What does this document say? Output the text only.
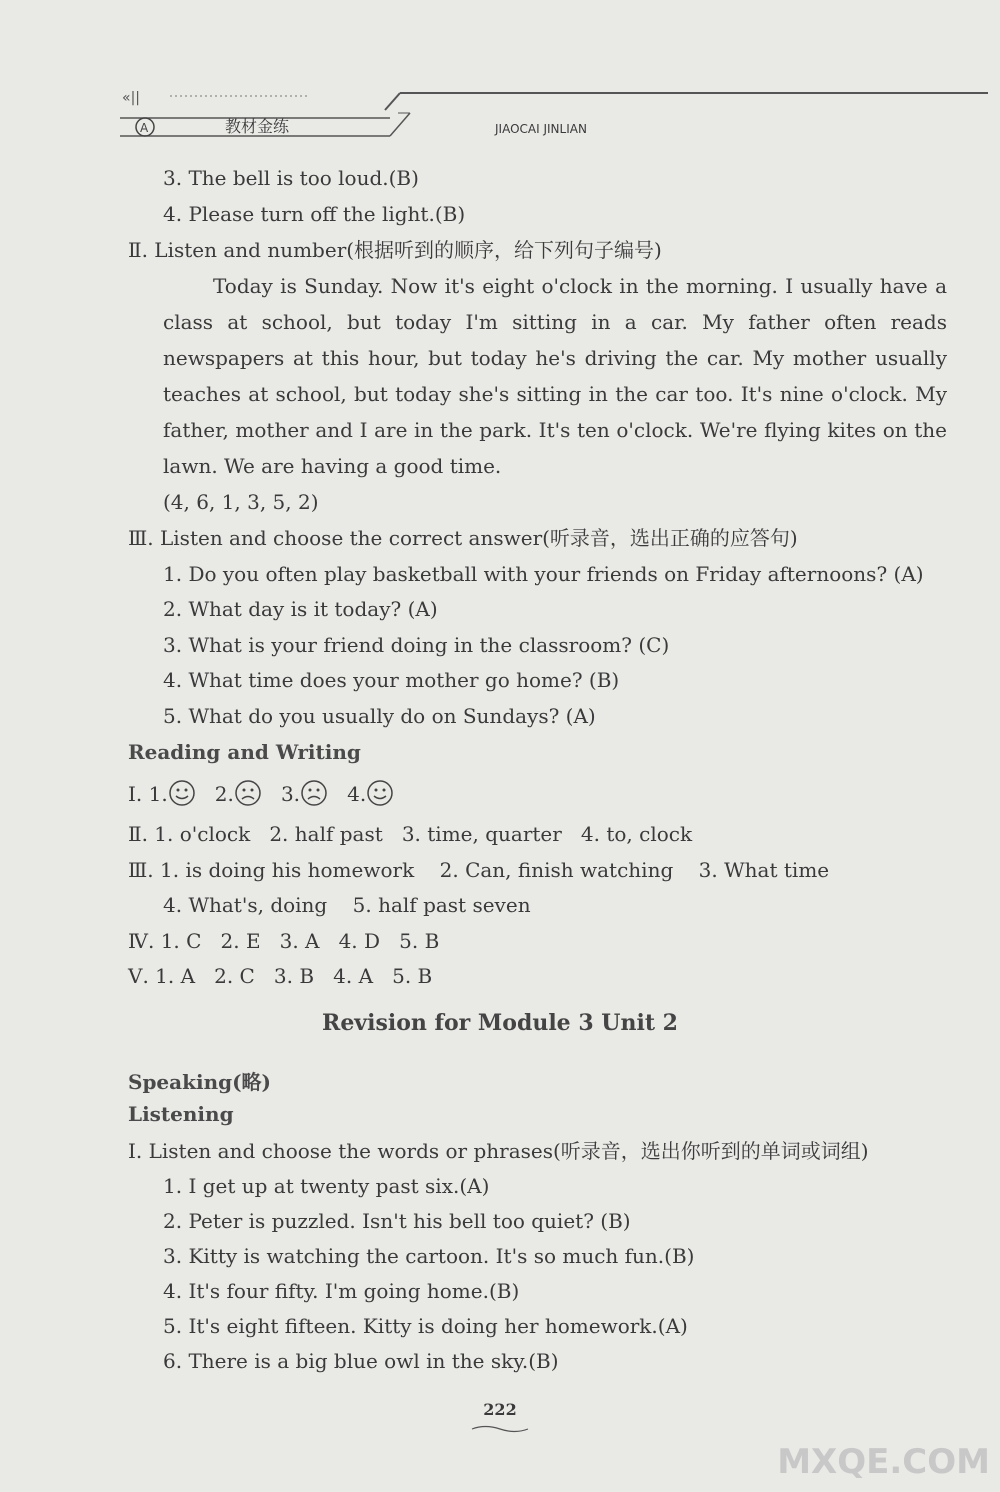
«||
A	教材金练	JIAOCAI JINLIAN
3. The bell is too loud.(B)
4. Please turn off the light.(B)
Ⅱ. Listen and number(根据听到的顺序，给下列句子编号)
Today is Sunday. Now it's eight o'clock in the morning. I usually have a class at school, but today I'm sitting in a car. My father often reads newspapers at this hour, but today he's driving the car. My mother usually teaches at school, but today she's sitting in the car too. It's nine o'clock. My father, mother and I are in the park. It's ten o'clock. We're flying kites on the lawn. We are having a good time.
(4, 6, 1, 3, 5, 2)
Ⅲ. Listen and choose the correct answer(听录音，选出正确的应答句)
1. Do you often play basketball with your friends on Friday afternoons? (A)
2. What day is it today? (A)
3. What is your friend doing in the classroom? (C)
4. What time does your mother go home? (B)
5. What do you usually do on Sundays? (A)
Reading and Writing
Ⅰ. 1. 2. 3. 4.
Ⅱ. 1. o'clock   2. half past   3. time, quarter   4. to, clock
Ⅲ. 1. is doing his homework    2. Can, finish watching    3. What time
4. What's, doing    5. half past seven
Ⅳ. 1. C   2. E   3. A   4. D   5. B
Ⅴ. 1. A   2. C   3. B   4. A   5. B
Revision for Module 3 Unit 2
Speaking(略)
Listening
Ⅰ. Listen and choose the words or phrases(听录音，选出你听到的单词或词组)
1. I get up at twenty past six.(A)
2. Peter is puzzled. Isn't his bell too quiet? (B)
3. Kitty is watching the cartoon. It's so much fun.(B)
4. It's four fifty. I'm going home.(B)
5. It's eight fifteen. Kitty is doing her homework.(A)
6. There is a big blue owl in the sky.(B)
222
MXQE.COM
